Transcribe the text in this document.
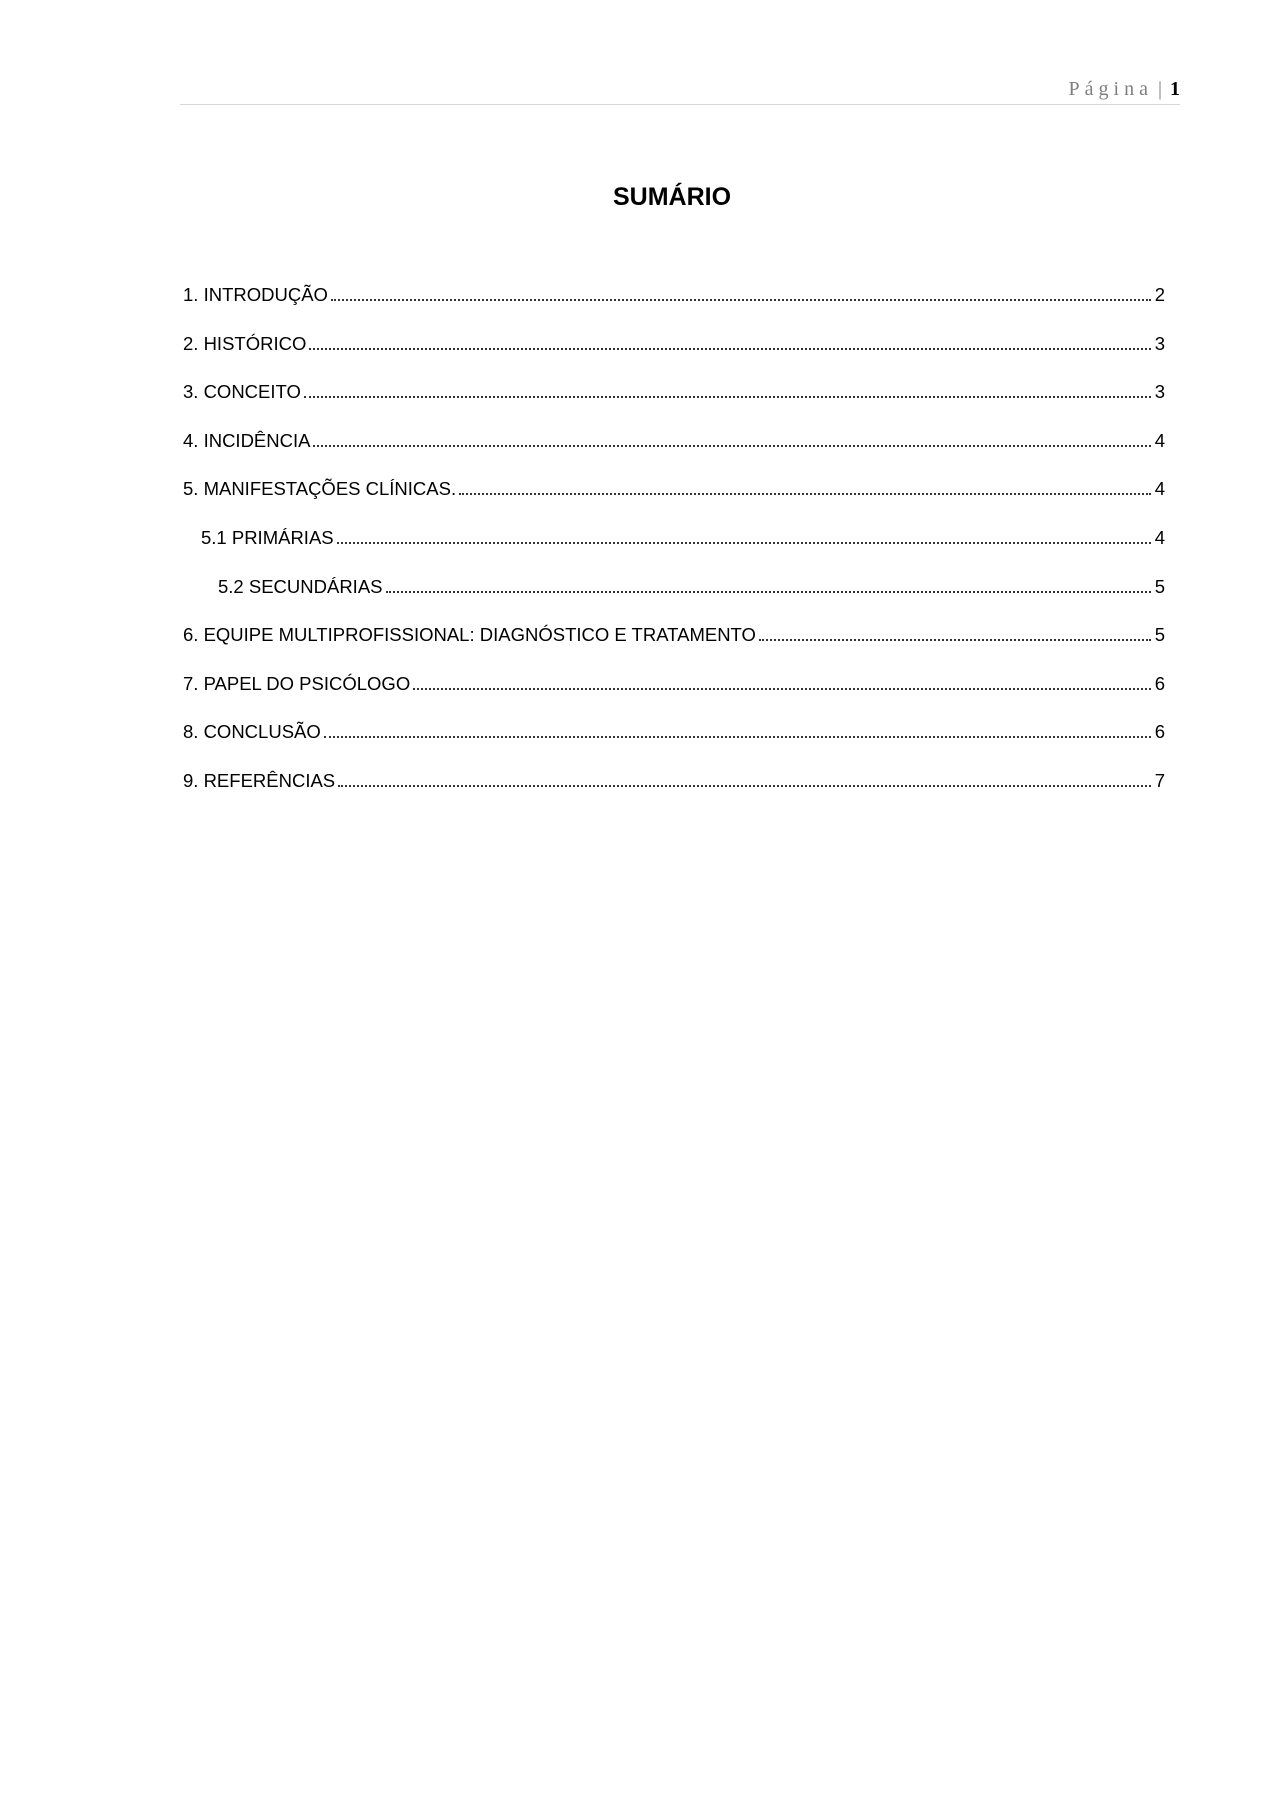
Página | 1
SUMÁRIO
1. INTRODUÇÃO	2
2. HISTÓRICO	3
3. CONCEITO	3
4. INCIDÊNCIA	4
5. MANIFESTAÇÕES CLÍNICAS.	4
5.1 PRIMÁRIAS	4
5.2 SECUNDÁRIAS	5
6. EQUIPE MULTIPROFISSIONAL: DIAGNÓSTICO E TRATAMENTO	5
7. PAPEL DO PSICÓLOGO	6
8. CONCLUSÃO	6
9. REFERÊNCIAS	7
